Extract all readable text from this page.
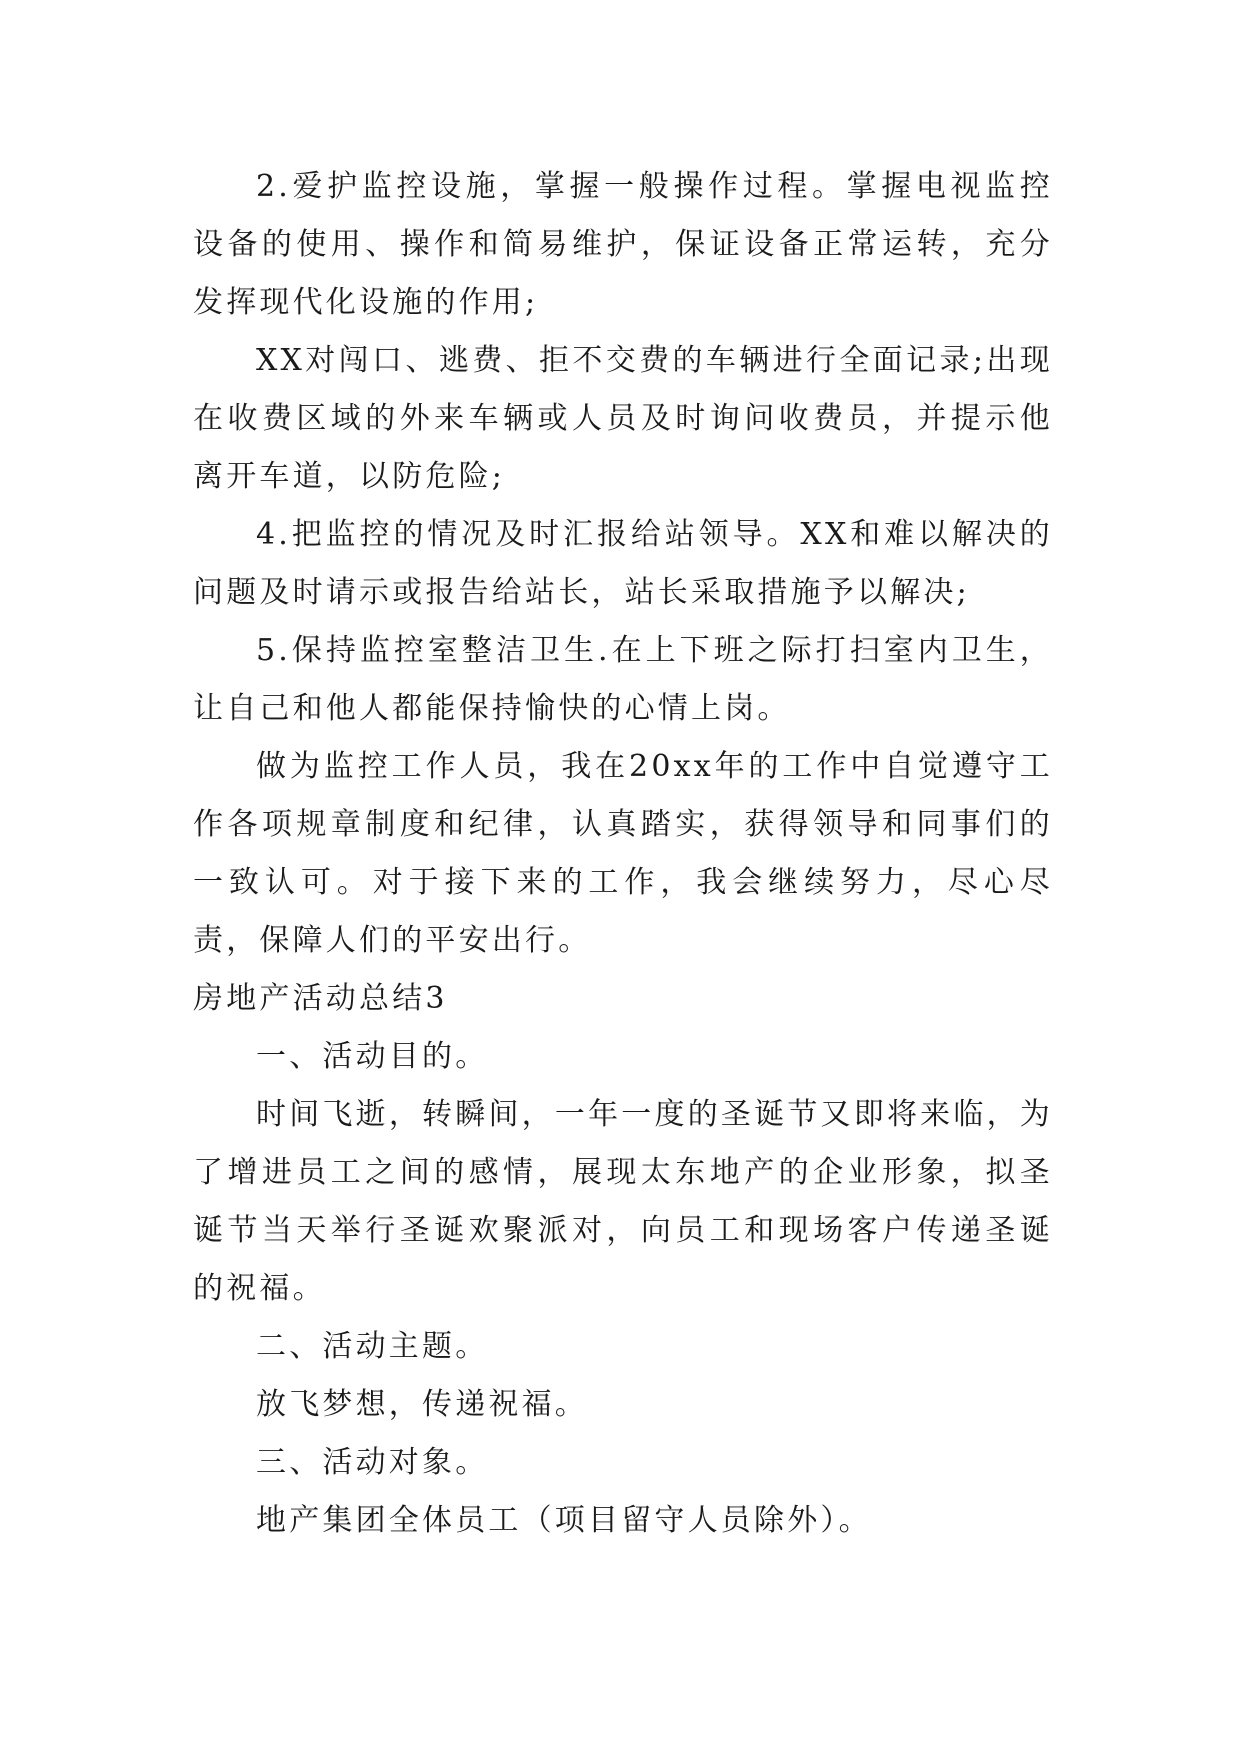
2.爱护监控设施，掌握一般操作过程。掌握电视监控设备的使用、操作和简易维护，保证设备正常运转，充分发挥现代化设施的作用;

XX对闯口、逃费、拒不交费的车辆进行全面记录;出现在收费区域的外来车辆或人员及时询问收费员，并提示他离开车道，以防危险;

4.把监控的情况及时汇报给站领导。XX和难以解决的问题及时请示或报告给站长，站长采取措施予以解决;

5.保持监控室整洁卫生.在上下班之际打扫室内卫生，让自己和他人都能保持愉快的心情上岗。

做为监控工作人员，我在20xx年的工作中自觉遵守工作各项规章制度和纪律，认真踏实，获得领导和同事们的一致认可。对于接下来的工作，我会继续努力，尽心尽责，保障人们的平安出行。

房地产活动总结3

一、活动目的。

时间飞逝，转瞬间，一年一度的圣诞节又即将来临，为了增进员工之间的感情，展现太东地产的企业形象，拟圣诞节当天举行圣诞欢聚派对，向员工和现场客户传递圣诞的祝福。

二、活动主题。

放飞梦想，传递祝福。

三、活动对象。

地产集团全体员工（项目留守人员除外）。
